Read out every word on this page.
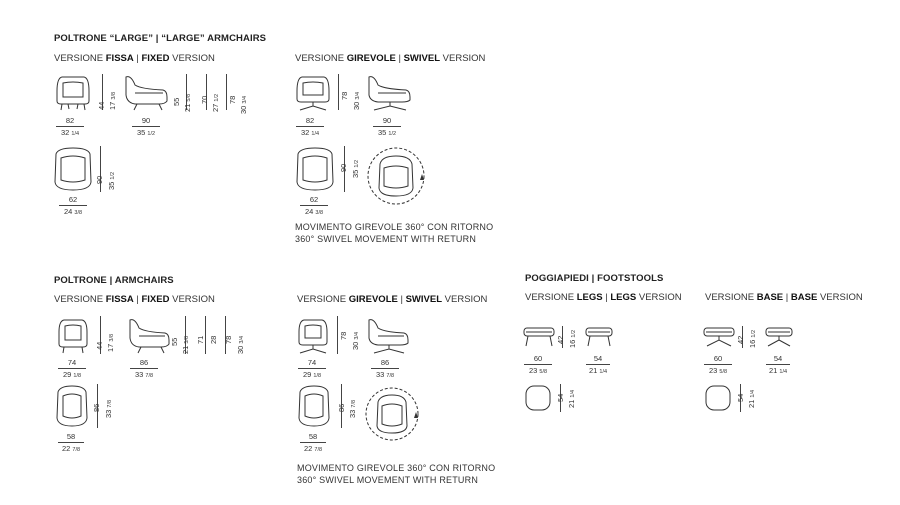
POLTRONE “LARGE” | “LARGE” ARMCHAIRS
VERSIONE FISSA | FIXED VERSION	VERSIONE GIREVOLE | SWIVEL VERSION
44 17 3/8
82
32 1/4
55
21 5/8 70
27 1/2 78
30 3/4
90
35 1/2
90
35 1/2
62
24 3/8
78
30 3/4
82
32 1/4
90
35 1/2
90
35 1/2
62
24 3/8
MOVIMENTO GIREVOLE 360° CON RITORNO
360° SWIVEL MOVEMENT WITH RETURN
POLTRONE | ARMCHAIRS
VERSIONE FISSA | FIXED VERSION	VERSIONE GIREVOLE | SWIVEL VERSION
44 17 3/8
74
29 1/8
55
21 5/8 71 28 78
30 3/4
86
33 7/8
86
33 7/8
58
22 7/8
78
30 3/4
74
29 1/8
86
33 7/8
86
33 7/8
58
22 7/8
MOVIMENTO GIREVOLE 360° CON RITORNO
360° SWIVEL MOVEMENT WITH RETURN
POGGIAPIEDI | FOOTSTOOLS
VERSIONE LEGS | LEGS VERSION VERSIONE BASE | BASE VERSION
42 16 1/2
60
23 5/8
54
21 1/4
54
21 1/4
42 16 1/2
60
23 5/8
54
21 1/4
54
21 1/4
